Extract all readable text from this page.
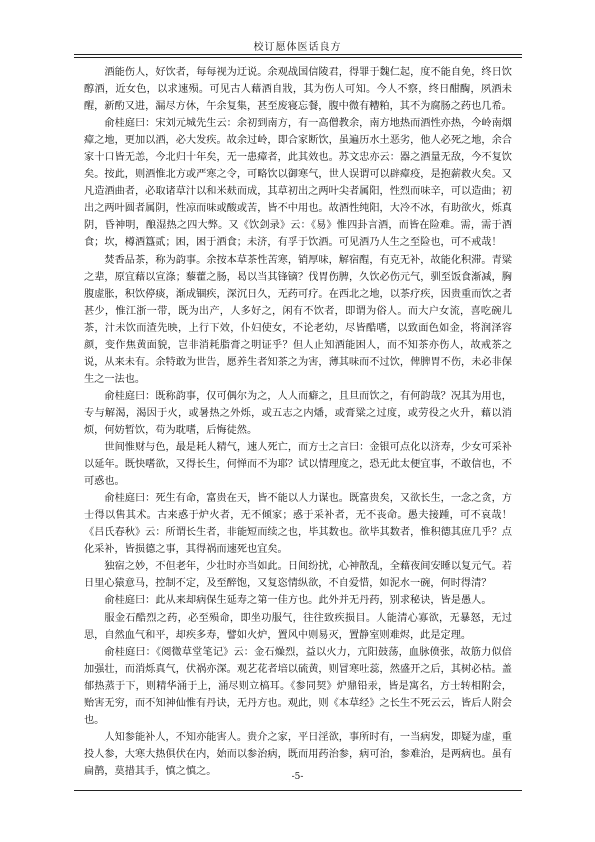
校订愿体医话良方

酒能伤人，好饮者，每每视为迂说。余观战国信陵君，得罪于魏仁起，度不能自免，终日饮醇酒，近女色，以求速殒。可见古人藉酒自戕，其为伤人可知。今人不察，终日酣醄，夙酒未醒，新酌又进，漏尽方休，午余复集，甚至废寝忘餐，腹中微有糟粕，其不为腐肠之药也几希。

俞桂庭曰：宋刘元城先生云：余初到南方，有一高僧教余，南方地热而酒性亦热，今岭南烟瘴之地，更加以酒，必大发疾。故余过岭，即合家断饮，虽遍历水土恶劣，他人必死之地，余合家十口皆无恙，今北归十年矣，无一患瘴者，此其效也。苏文忠亦云：器之酒量无敌，今不复饮矣。按此，则酒惟北方或严寒之令，可略饮以御寒气，世人误谓可以辟瘴疫，是抱薪救火矣。又凡造酒曲者，必取诸草汁以和米麸而成，其草初出之两叶尖者属阳，性烈而味辛，可以造曲；初出之两叶圆者属阴，性凉而味或酸或苦，皆不中用也。故酒性纯阳，大冷不冰，有助欲火，烁真阴，昏神明，酿湿热之四大弊。又《饮剑录》云：《易》惟四卦言酒，而皆在险难。需，需于酒食；坎，樽酒簋贰；困，困于酒食；未济，有孚于饮酒。可见酒乃人生之至险也，可不戒哉！

焚香品茶，称为韵事。余按本草茶性苦寒，销厚味，解宿酲，有克无补，故能化积滞。青粱之辈，原宜藉以宣涤；藜藿之肠，曷以当其锋镝？伐胃伤脾，久饮必伤元气，驯至饭食渐减，胸腹虚胀，积饮停痰，渐成锢疾，深沉日久，无药可疗。在西北之地，以茶疗疾，因贵重而饮之者甚少，惟江浙一带，既为出产，人多好之，闲有不饮者，即谓为俗人。而大户女流，喜吃碗儿茶，汁未饮而渣先映，上行下效，仆妇使女，不论老幼，尽皆酷嗜，以致面色如金，将润泽容颜，变作焦黄面貌，岂非消耗脂膏之明证乎？但人止知酒能困人，而不知茶亦伤人，故戒茶之说，从来未有。余特敢为世告，愿养生者知茶之为害，薄其味而不过饮，俾脾胃不伤，未必非保生之一法也。

俞桂庭曰：既称韵事，仅可偶尔为之，人人而癖之，且旦而饮之，有何韵哉？况其为用也，专与解渴，渴因于火，或暑热之外烁，或五志之内燔，或膏粱之过度，或劳役之火升，藉以消烦，何妨暂饮，苟为耽嗜，后悔徒然。

世间惟财与色，最是耗人精气，速人死亡，而方士之言曰：金银可点化以济寿，少女可采补以延年。既快嗜欲，又得长生，何惮而不为耶？试以情理度之，恐无此太便宜事，不敢信也，不可惑也。

俞桂庭曰：死生有命，富贵在天，皆不能以人力谋也。既富贵矣，又欲长生，一念之贪，方士得以售其术。古来惑于炉火者，无不倾家；惑于采补者，无不丧命。愚夫接踵，可不哀哉！《吕氏春秋》云：所谓长生者，非能短而续之也，毕其数也。欲毕其数者，惟积德其庶几乎？点化采补，皆损德之事，其得祸而速死也宜矣。

独宿之妙，不但老年，少壮时亦当如此。日间纷扰，心神散乱，全藉夜间安睡以复元气。若日里心猿意马，控制不定，及至醉饱，又复恣情纵欲，不自爱惜，如泥水一碗，何时得清？

俞桂庭曰：此从来却病保生延寿之第一佳方也。此外并无丹药，别求秘诀，皆是愚人。

服金石酷烈之药，必至殒命，即坐功服气，往往致疾损目。人能清心寡欲，无暴怒，无过思，自然血气和平，却疾多寿，譬如火炉，置风中则易灭，置静室则难烬，此是定理。

俞桂庭曰：《阅微草堂笔记》云：金石燥烈，益以火力，亢阳鼓荡，血脉偾张，故筋力似倍加强壮，而消烁真气，伏祸亦深。观艺花者培以硫黄，则冒寒吐蕊，然盛开之后，其树必枯。盖郁热蒸于下，则精华涌于上，涌尽则立槁耳。《参同契》炉鼎铅汞，皆是寓名，方士转相附会，贻害无穷，而不知神仙惟有丹诀，无丹方也。观此，则《本草经》之长生不死云云，皆后人附会也。

人知参能补人，不知亦能害人。贵介之家，平日淫欲，事所时有，一当病发，即疑为虚，重投人参，大寒大热俱伏在内，始而以参治病，既而用药治参，病可治，参难治，是两病也。虽有扁鹊，莫措其手，慎之慎之。

-5-
